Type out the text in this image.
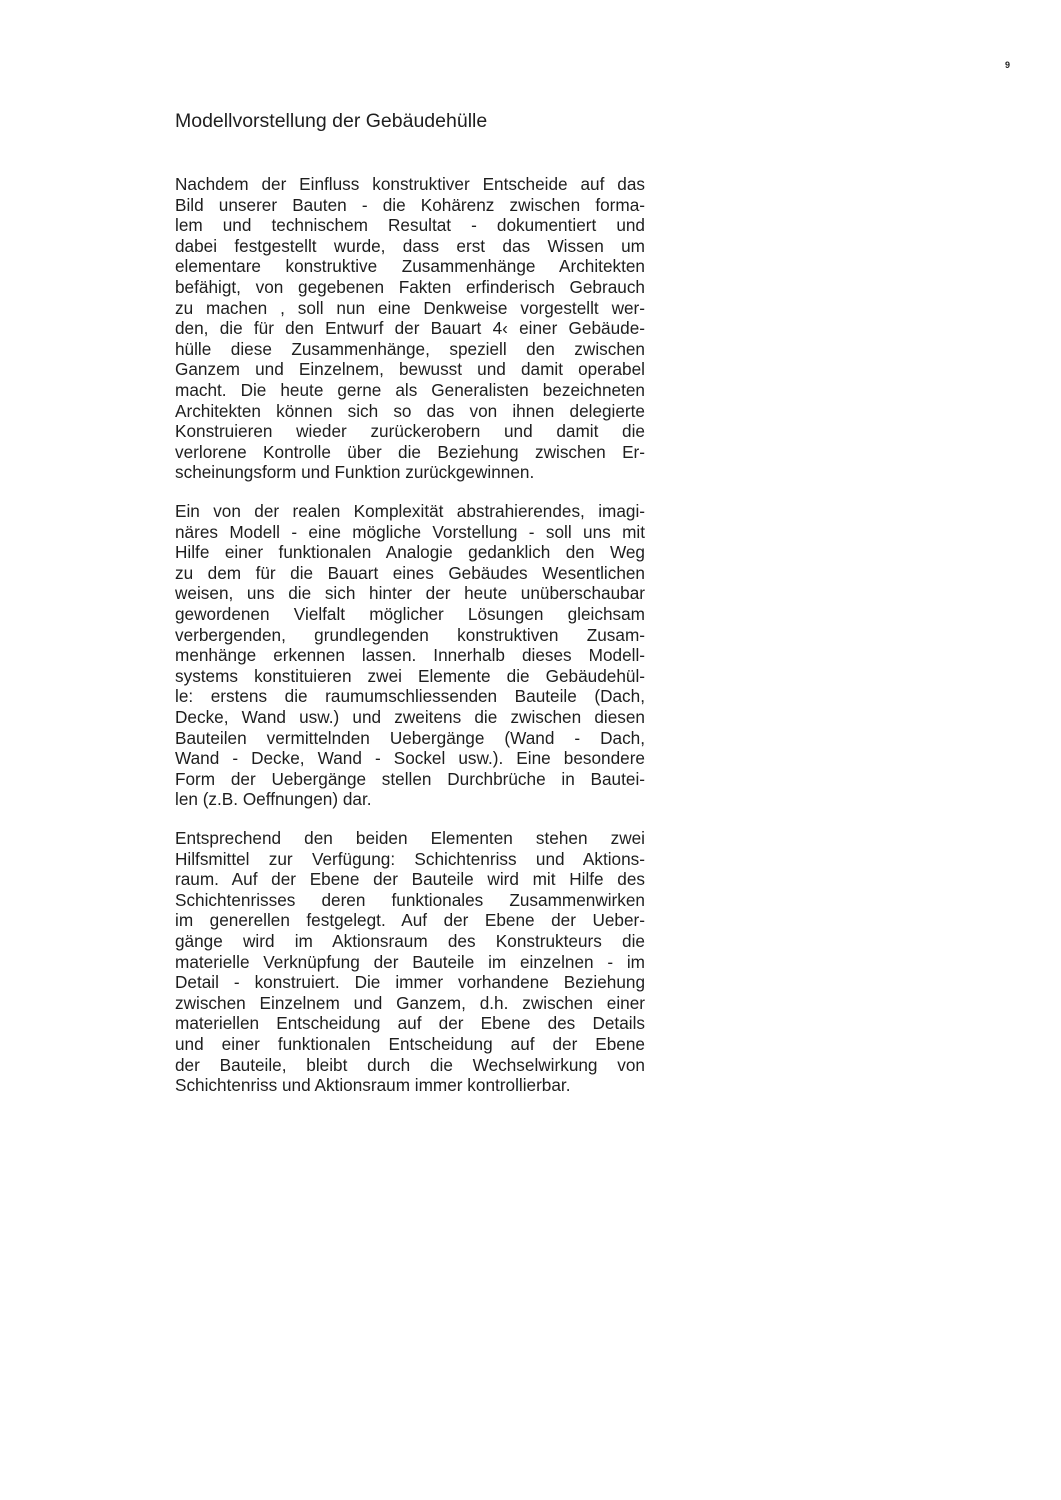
9
Modellvorstellung der Gebäudehülle
Nachdem der Einfluss konstruktiver Entscheide auf das
Bild unserer Bauten - die Kohärenz zwischen forma-
lem und technischem Resultat - dokumentiert und
dabei festgestellt wurde, dass erst das Wissen um
elementare konstruktive Zusammenhänge Architekten
befähigt, von gegebenen Fakten erfinderisch Gebrauch
zu machen , soll nun eine Denkweise vorgestellt wer-
den, die für den Entwurf der Bauart 4‹ einer Gebäude-
hülle diese Zusammenhänge, speziell den zwischen
Ganzem und Einzelnem, bewusst und damit operabel
macht. Die heute gerne als Generalisten bezeichneten
Architekten können sich so das von ihnen delegierte
Konstruieren wieder zurückerobern und damit die
verlorene Kontrolle über die Beziehung zwischen Er-
scheinungsform und Funktion zurückgewinnen.
Ein von der realen Komplexität abstrahierendes, imagi-
näres Modell - eine mögliche Vorstellung - soll uns mit
Hilfe einer funktionalen Analogie gedanklich den Weg
zu dem für die Bauart eines Gebäudes Wesentlichen
weisen, uns die sich hinter der heute unüberschaubar
gewordenen Vielfalt möglicher Lösungen gleichsam
verbergenden, grundlegenden konstruktiven Zusam-
menhänge erkennen lassen. Innerhalb dieses Modell-
systems konstituieren zwei Elemente die Gebäudehül-
le: erstens die raumumschliessenden Bauteile (Dach,
Decke, Wand usw.) und zweitens die zwischen diesen
Bauteilen vermittelnden Uebergänge (Wand - Dach,
Wand - Decke, Wand - Sockel usw.). Eine besondere
Form der Uebergänge stellen Durchbrüche in Bautei-
len (z.B. Oeffnungen) dar.
Entsprechend den beiden Elementen stehen zwei
Hilfsmittel zur Verfügung: Schichtenriss und Aktions-
raum. Auf der Ebene der Bauteile wird mit Hilfe des
Schichtenrisses deren funktionales Zusammenwirken
im generellen festgelegt. Auf der Ebene der Ueber-
gänge wird im Aktionsraum des Konstrukteurs die
materielle Verknüpfung der Bauteile im einzelnen - im
Detail - konstruiert. Die immer vorhandene Beziehung
zwischen Einzelnem und Ganzem, d.h. zwischen einer
materiellen Entscheidung auf der Ebene des Details
und einer funktionalen Entscheidung auf der Ebene
der Bauteile, bleibt durch die Wechselwirkung von
Schichtenriss und Aktionsraum immer kontrollierbar.
